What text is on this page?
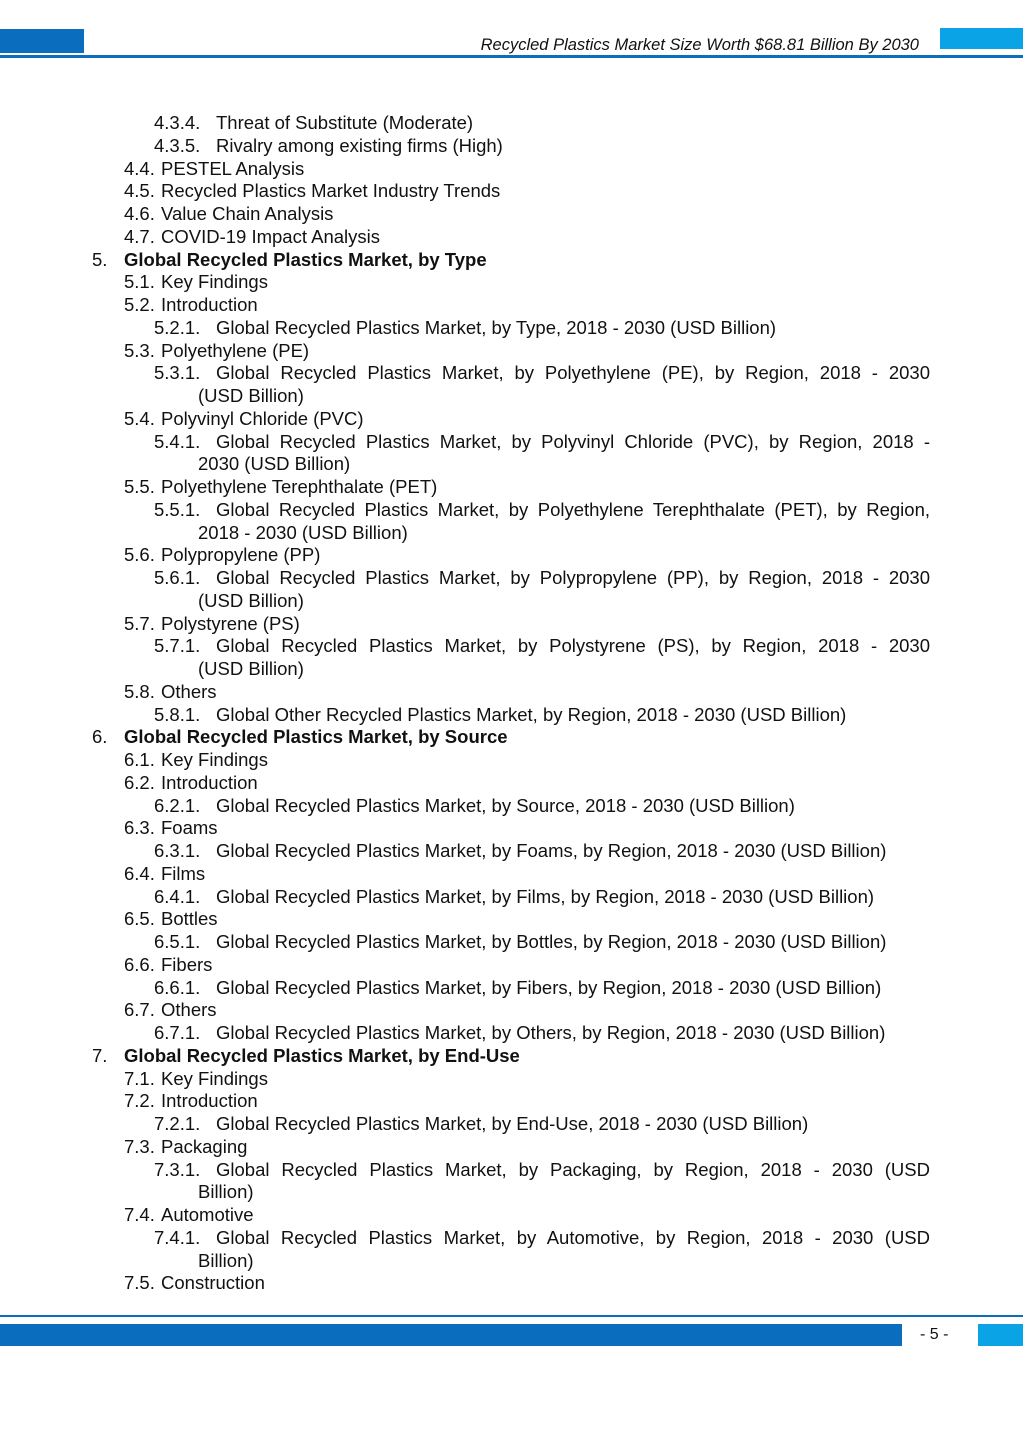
Recycled Plastics Market Size Worth $68.81 Billion By 2030
4.3.4. Threat of Substitute (Moderate)
4.3.5. Rivalry among existing firms (High)
4.4. PESTEL Analysis
4.5. Recycled Plastics Market Industry Trends
4.6. Value Chain Analysis
4.7. COVID-19 Impact Analysis
5. Global Recycled Plastics Market, by Type
5.1. Key Findings
5.2. Introduction
5.2.1. Global Recycled Plastics Market, by Type, 2018 - 2030 (USD Billion)
5.3. Polyethylene (PE)
5.3.1. Global Recycled Plastics Market, by Polyethylene (PE), by Region, 2018 - 2030
(USD Billion)
5.4. Polyvinyl Chloride (PVC)
5.4.1. Global Recycled Plastics Market, by Polyvinyl Chloride (PVC), by Region, 2018 -
2030 (USD Billion)
5.5. Polyethylene Terephthalate (PET)
5.5.1. Global Recycled Plastics Market, by Polyethylene Terephthalate (PET), by Region,
2018 - 2030 (USD Billion)
5.6. Polypropylene (PP)
5.6.1. Global Recycled Plastics Market, by Polypropylene (PP), by Region, 2018 - 2030
(USD Billion)
5.7. Polystyrene (PS)
5.7.1. Global Recycled Plastics Market, by Polystyrene (PS), by Region, 2018 - 2030
(USD Billion)
5.8. Others
5.8.1. Global Other Recycled Plastics Market, by Region, 2018 - 2030 (USD Billion)
6. Global Recycled Plastics Market, by Source
6.1. Key Findings
6.2. Introduction
6.2.1. Global Recycled Plastics Market, by Source, 2018 - 2030 (USD Billion)
6.3. Foams
6.3.1. Global Recycled Plastics Market, by Foams, by Region, 2018 - 2030 (USD Billion)
6.4. Films
6.4.1. Global Recycled Plastics Market, by Films, by Region, 2018 - 2030 (USD Billion)
6.5. Bottles
6.5.1. Global Recycled Plastics Market, by Bottles, by Region, 2018 - 2030 (USD Billion)
6.6. Fibers
6.6.1. Global Recycled Plastics Market, by Fibers, by Region, 2018 - 2030 (USD Billion)
6.7. Others
6.7.1. Global Recycled Plastics Market, by Others, by Region, 2018 - 2030 (USD Billion)
7. Global Recycled Plastics Market, by End-Use
7.1. Key Findings
7.2. Introduction
7.2.1. Global Recycled Plastics Market, by End-Use, 2018 - 2030 (USD Billion)
7.3. Packaging
7.3.1. Global Recycled Plastics Market, by Packaging, by Region, 2018 - 2030 (USD
Billion)
7.4. Automotive
7.4.1. Global Recycled Plastics Market, by Automotive, by Region, 2018 - 2030 (USD
Billion)
7.5. Construction
- 5 -
